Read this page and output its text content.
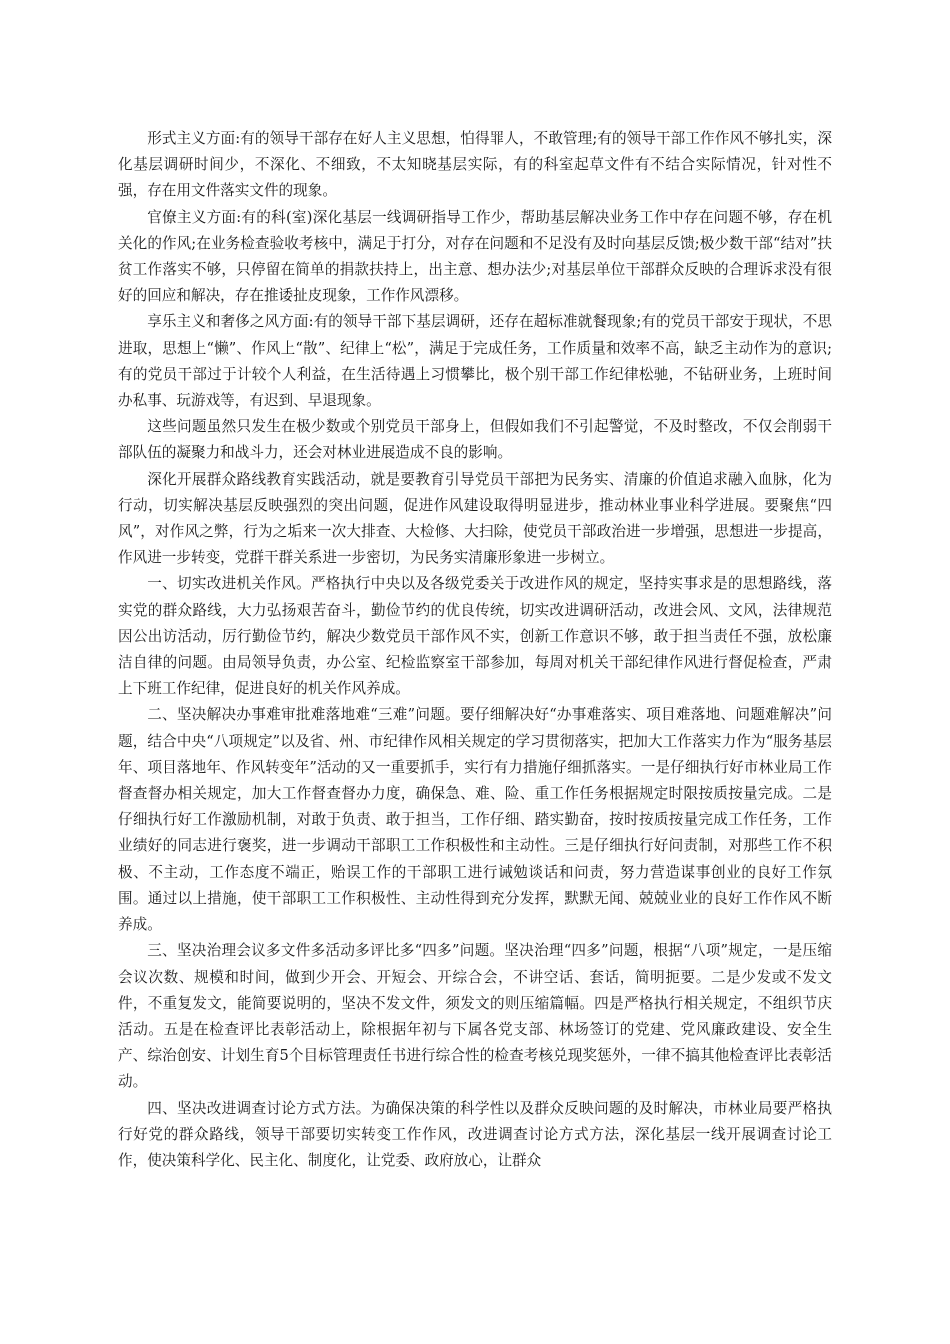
形式主义方面:有的领导干部存在好人主义思想，怕得罪人，不敢管理;有的领导干部工作作风不够扎实，深化基层调研时间少，不深化、不细致，不太知晓基层实际，有的科室起草文件有不结合实际情况，针对性不强，存在用文件落实文件的现象。

官僚主义方面:有的科(室)深化基层一线调研指导工作少，帮助基层解决业务工作中存在问题不够，存在机关化的作风;在业务检查验收考核中，满足于打分，对存在问题和不足没有及时向基层反馈;极少数干部“结对”扶贫工作落实不够，只停留在简单的捐款扶持上，出主意、想办法少;对基层单位干部群众反映的合理诉求没有很好的回应和解决，存在推诿扯皮现象，工作作风漂移。

享乐主义和奢侈之风方面:有的领导干部下基层调研，还存在超标准就餐现象;有的党员干部安于现状，不思进取，思想上“懒”、作风上“散”、纪律上“松”，满足于完成任务，工作质量和效率不高，缺乏主动作为的意识;有的党员干部过于计较个人利益，在生活待遇上习惯攀比，极个别干部工作纪律松驰，不钻研业务，上班时间办私事、玩游戏等，有迟到、早退现象。

这些问题虽然只发生在极少数或个别党员干部身上，但假如我们不引起警觉，不及时整改，不仅会削弱干部队伍的凝聚力和战斗力，还会对林业进展造成不良的影响。

深化开展群众路线教育实践活动，就是要教育引导党员干部把为民务实、清廉的价值追求融入血脉，化为行动，切实解决基层反映强烈的突出问题，促进作风建设取得明显进步，推动林业事业科学进展。要聚焦“四风”，对作风之弊，行为之垢来一次大排查、大检修、大扫除，使党员干部政治进一步增强，思想进一步提高，作风进一步转变，党群干群关系进一步密切，为民务实清廉形象进一步树立。

一、切实改进机关作风。严格执行中央以及各级党委关于改进作风的规定，坚持实事求是的思想路线，落实党的群众路线，大力弘扬艰苦奋斗，勤俭节约的优良传统，切实改进调研活动，改进会风、文风，法律规范因公出访活动，厉行勤俭节约，解决少数党员干部作风不实，创新工作意识不够，敢于担当责任不强，放松廉洁自律的问题。由局领导负责，办公室、纪检监察室干部参加，每周对机关干部纪律作风进行督促检查，严肃上下班工作纪律，促进良好的机关作风养成。

二、坚决解决办事难审批难落地难“三难”问题。要仔细解决好“办事难落实、项目难落地、问题难解决”问题，结合中央“八项规定”以及省、州、市纪律作风相关规定的学习贯彻落实，把加大工作落实力作为“服务基层年、项目落地年、作风转变年”活动的又一重要抓手，实行有力措施仔细抓落实。一是仔细执行好市林业局工作督查督办相关规定，加大工作督查督办力度，确保急、难、险、重工作任务根据规定时限按质按量完成。二是仔细执行好工作激励机制，对敢于负责、敢于担当，工作仔细、踏实勤奋，按时按质按量完成工作任务，工作业绩好的同志进行褒奖，进一步调动干部职工工作积极性和主动性。三是仔细执行好问责制，对那些工作不积极、不主动，工作态度不端正，贻误工作的干部职工进行诫勉谈话和问责，努力营造谋事创业的良好工作氛围。通过以上措施，使干部职工工作积极性、主动性得到充分发挥，默默无闻、兢兢业业的良好工作作风不断养成。

三、坚决治理会议多文件多活动多评比多“四多”问题。坚决治理“四多”问题，根据“八项”规定，一是压缩会议次数、规模和时间，做到少开会、开短会、开综合会，不讲空话、套话，简明扼要。二是少发或不发文件，不重复发文，能简要说明的，坚决不发文件，须发文的则压缩篇幅。四是严格执行相关规定，不组织节庆活动。五是在检查评比表彰活动上，除根据年初与下属各党支部、林场签订的党建、党风廉政建设、安全生产、综治创安、计划生育5个目标管理责任书进行综合性的检查考核兑现奖惩外，一律不搞其他检查评比表彰活动。

四、坚决改进调查讨论方式方法。为确保决策的科学性以及群众反映问题的及时解决，市林业局要严格执行好党的群众路线，领导干部要切实转变工作作风，改进调查讨论方式方法，深化基层一线开展调查讨论工作，使决策科学化、民主化、制度化，让党委、政府放心，让群众
